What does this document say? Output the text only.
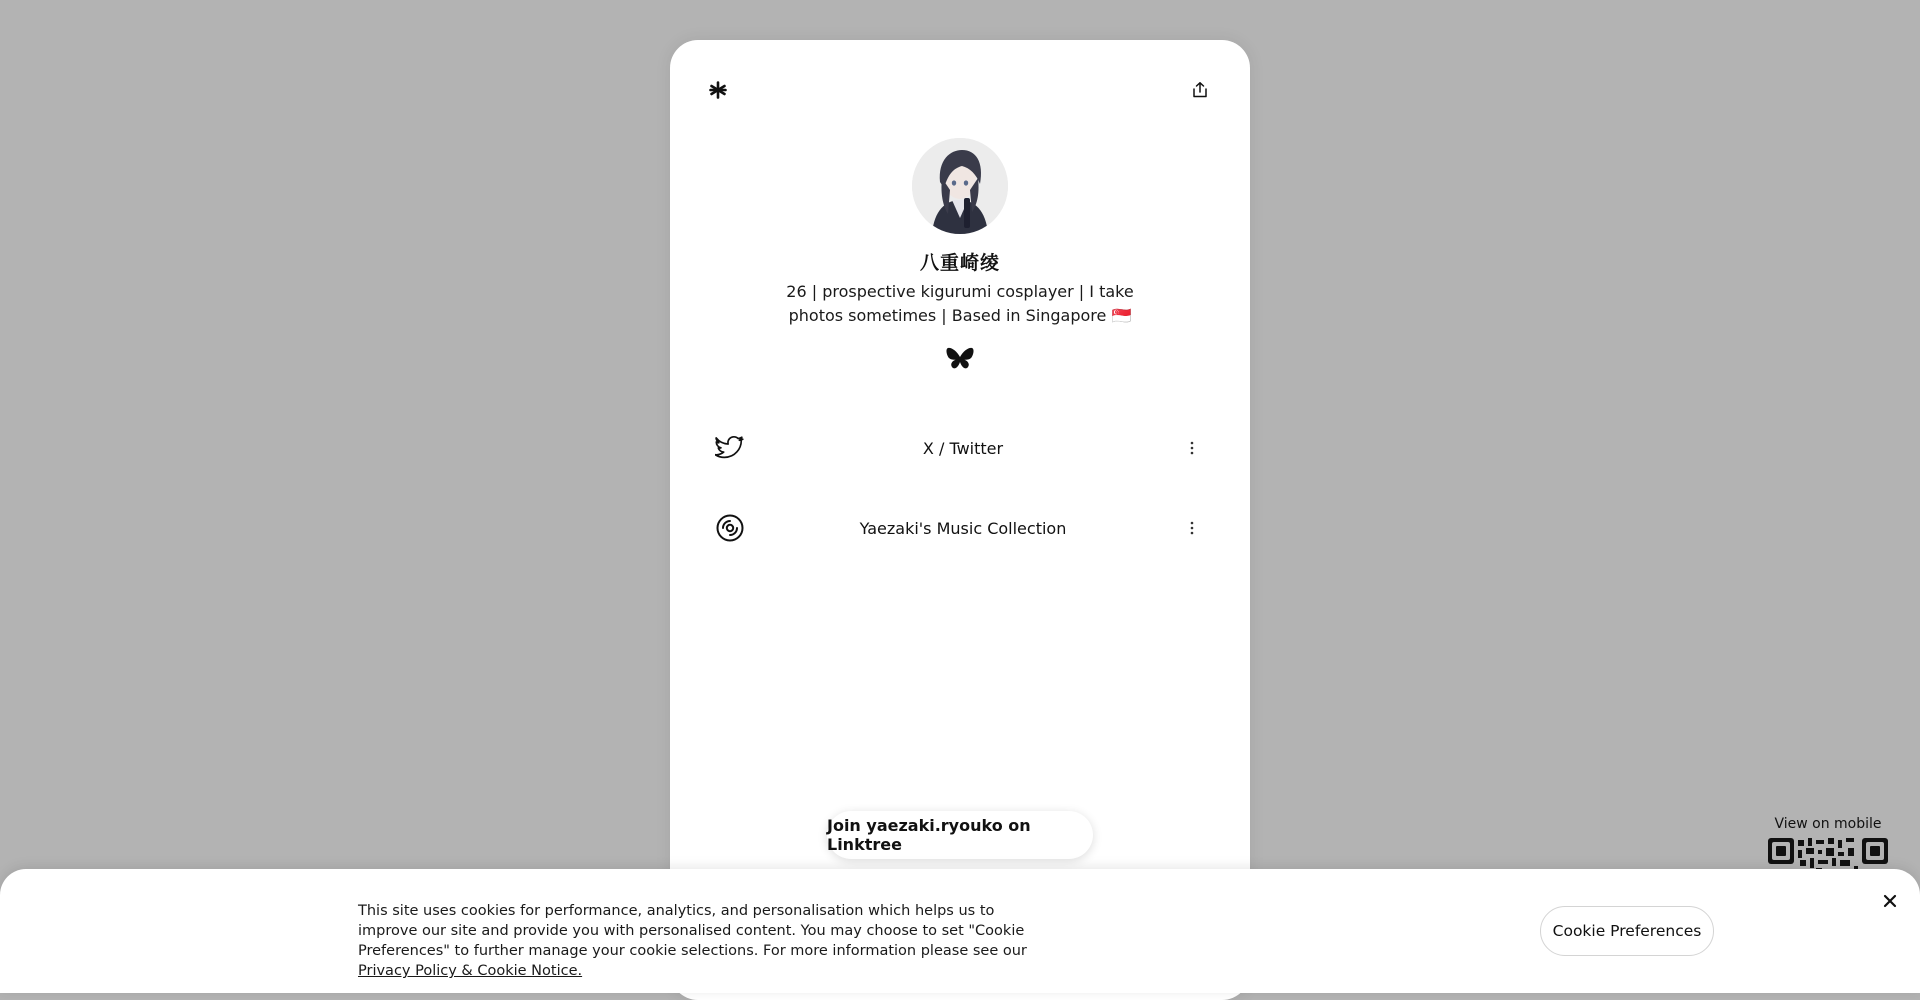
八重崎绫
26 | prospective kigurumi cosplayer | I take photos sometimes | Based in Singapore 🇸🇬
X / Twitter
Yaezaki's Music Collection
Join yaezaki.ryouko on Linktree
View on mobile
This site uses cookies for performance, analytics, and personalisation which helps us to improve our site and provide you with personalised content. You may choose to set "Cookie Preferences" to further manage your cookie selections. For more information please see our Privacy Policy & Cookie Notice.
Cookie Preferences
